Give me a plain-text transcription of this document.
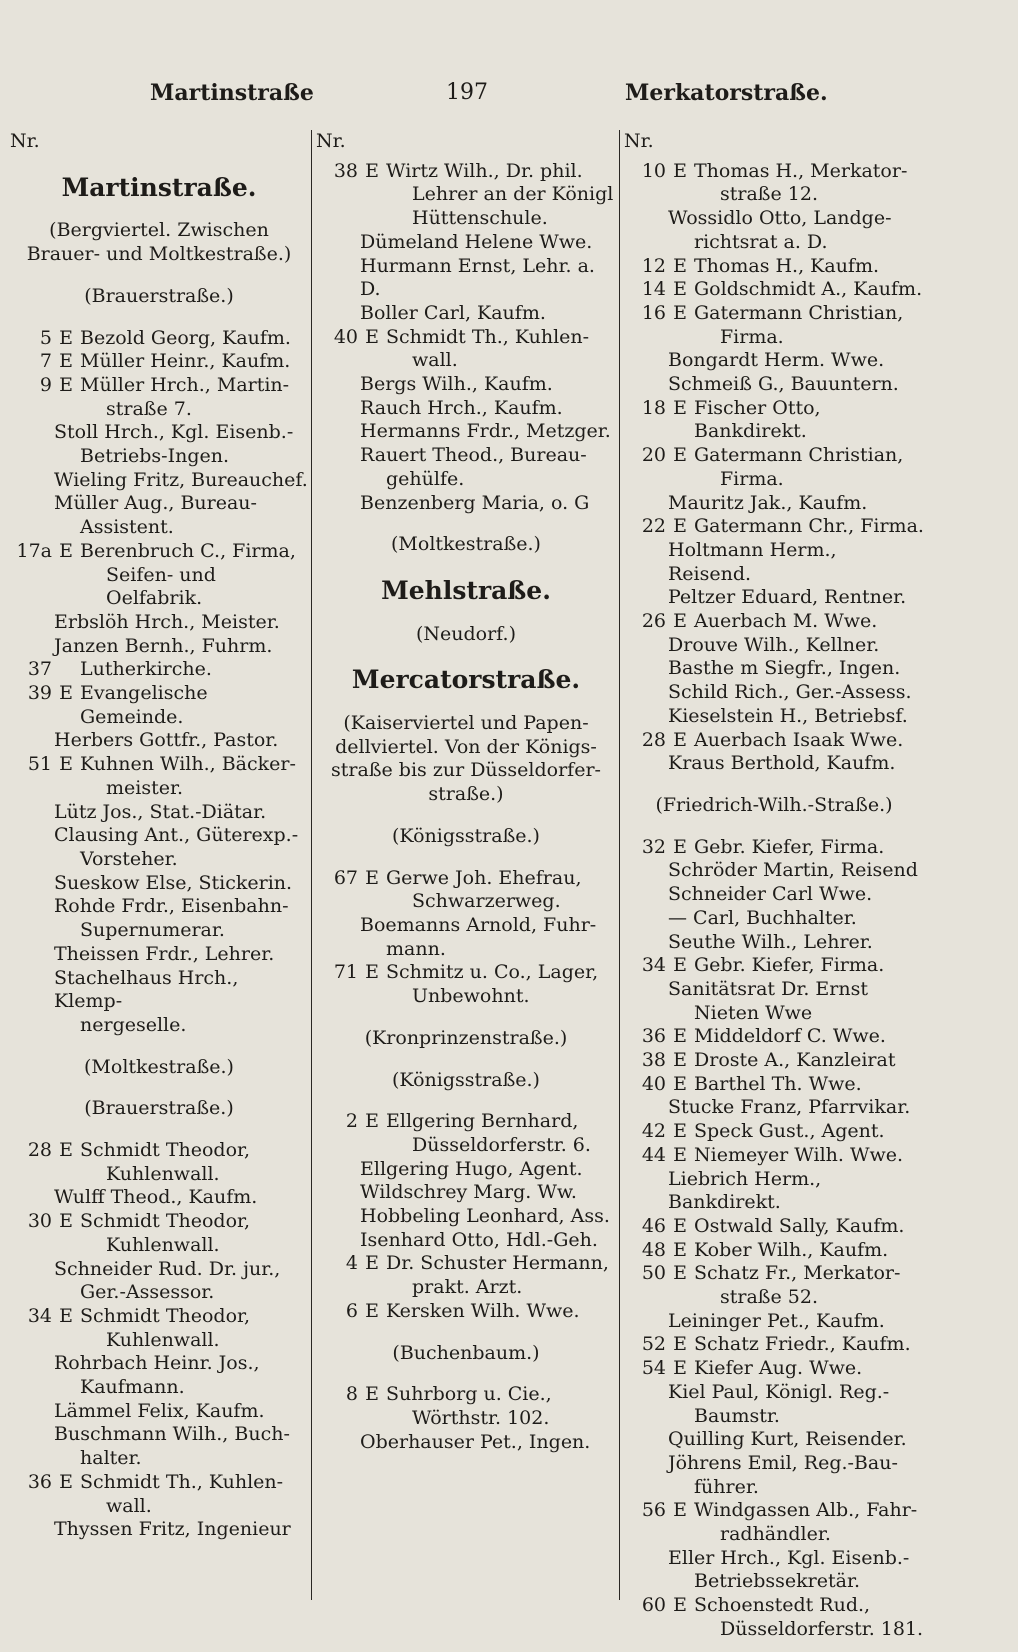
Martinstraße	197	Merkatorstraße.
Nr.
Martinstraße.
(Bergviertel. Zwischen
Brauer- und Moltkestraße.)
(Brauerstraße.)
5 E Bezold Georg, Kaufm.
7 E Müller Heinr., Kaufm.
9 E Müller Hrch., Martin-
straße 7.
Stoll Hrch., Kgl. Eisenb.-
Betriebs-Ingen.
Wieling Fritz, Bureauchef.
Müller Aug., Bureau-
Assistent.
17a E Berenbruch C., Firma,
Seifen- und Oelfabrik.
Erbslöh Hrch., Meister.
Janzen Bernh., Fuhrm.
37 Lutherkirche.
39 E Evangelische Gemeinde.
Herbers Gottfr., Pastor.
51 E Kuhnen Wilh., Bäcker-
meister.
Lütz Jos., Stat.-Diätar.
Clausing Ant., Güterexp.-
Vorsteher.
Sueskow Else, Stickerin.
Rohde Frdr., Eisenbahn-
Supernumerar.
Theissen Frdr., Lehrer.
Stachelhaus Hrch., Klemp-
nergeselle.
(Moltkestraße.)
(Brauerstraße.)
28 E Schmidt Theodor,
Kuhlenwall.
Wulff Theod., Kaufm.
30 E Schmidt Theodor,
Kuhlenwall.
Schneider Rud. Dr. jur.,
Ger.-Assessor.
34 E Schmidt Theodor,
Kuhlenwall.
Rohrbach Heinr. Jos.,
Kaufmann.
Lämmel Felix, Kaufm.
Buschmann Wilh., Buch-
halter.
36 E Schmidt Th., Kuhlen-
wall.
Thyssen Fritz, Ingenieur
Nr.
38 E Wirtz Wilh., Dr. phil.
Lehrer an der Königl
Hüttenschule.
Dümeland Helene Wwe.
Hurmann Ernst, Lehr. a. D.
Boller Carl, Kaufm.
40 E Schmidt Th., Kuhlen-
wall.
Bergs Wilh., Kaufm.
Rauch Hrch., Kaufm.
Hermanns Frdr., Metzger.
Rauert Theod., Bureau-
gehülfe.
Benzenberg Maria, o. G
(Moltkestraße.)
Mehlstraße.
(Neudorf.)
Mercatorstraße.
(Kaiserviertel und Papen-
dellviertel. Von der Königs-
straße bis zur Düsseldorfer-
straße.)
(Königsstraße.)
67 E Gerwe Joh. Ehefrau,
Schwarzerweg.
Boemanns Arnold, Fuhr-
mann.
71 E Schmitz u. Co., Lager,
Unbewohnt.
(Kronprinzenstraße.)
(Königsstraße.)
2 E Ellgering Bernhard,
Düsseldorferstr. 6.
Ellgering Hugo, Agent.
Wildschrey Marg. Ww.
Hobbeling Leonhard, Ass.
Isenhard Otto, Hdl.-Geh.
4 E Dr. Schuster Hermann,
prakt. Arzt.
6 E Kersken Wilh. Wwe.
(Buchenbaum.)
8 E Suhrborg u. Cie.,
Wörthstr. 102.
Oberhauser Pet., Ingen.
Nr.
10 E Thomas H., Merkator-
straße 12.
Wossidlo Otto, Landge-
richtsrat a. D.
12 E Thomas H., Kaufm.
14 E Goldschmidt A., Kaufm.
16 E Gatermann Christian,
Firma.
Bongardt Herm. Wwe.
Schmeiß G., Bauuntern.
18 E Fischer Otto, Bankdirekt.
20 E Gatermann Christian,
Firma.
Mauritz Jak., Kaufm.
22 E Gatermann Chr., Firma.
Holtmann Herm., Reisend.
Peltzer Eduard, Rentner.
26 E Auerbach M. Wwe.
Drouve Wilh., Kellner.
Basthe m Siegfr., Ingen.
Schild Rich., Ger.-Assess.
Kieselstein H., Betriebsf.
28 E Auerbach Isaak Wwe.
Kraus Berthold, Kaufm.
(Friedrich-Wilh.-Straße.)
32 E Gebr. Kiefer, Firma.
Schröder Martin, Reisend
Schneider Carl Wwe.
— Carl, Buchhalter.
Seuthe Wilh., Lehrer.
34 E Gebr. Kiefer, Firma.
Sanitätsrat Dr. Ernst
Nieten Wwe
36 E Middeldorf C. Wwe.
38 E Droste A., Kanzleirat
40 E Barthel Th. Wwe.
Stucke Franz, Pfarrvikar.
42 E Speck Gust., Agent.
44 E Niemeyer Wilh. Wwe.
Liebrich Herm., Bankdirekt.
46 E Ostwald Sally, Kaufm.
48 E Kober Wilh., Kaufm.
50 E Schatz Fr., Merkator-
straße 52.
Leininger Pet., Kaufm.
52 E Schatz Friedr., Kaufm.
54 E Kiefer Aug. Wwe.
Kiel Paul, Königl. Reg.-
Baumstr.
Quilling Kurt, Reisender.
Jöhrens Emil, Reg.-Bau-
führer.
56 E Windgassen Alb., Fahr-
radhändler.
Eller Hrch., Kgl. Eisenb.-
Betriebssekretär.
60 E Schoenstedt Rud.,
Düsseldorferstr. 181.
